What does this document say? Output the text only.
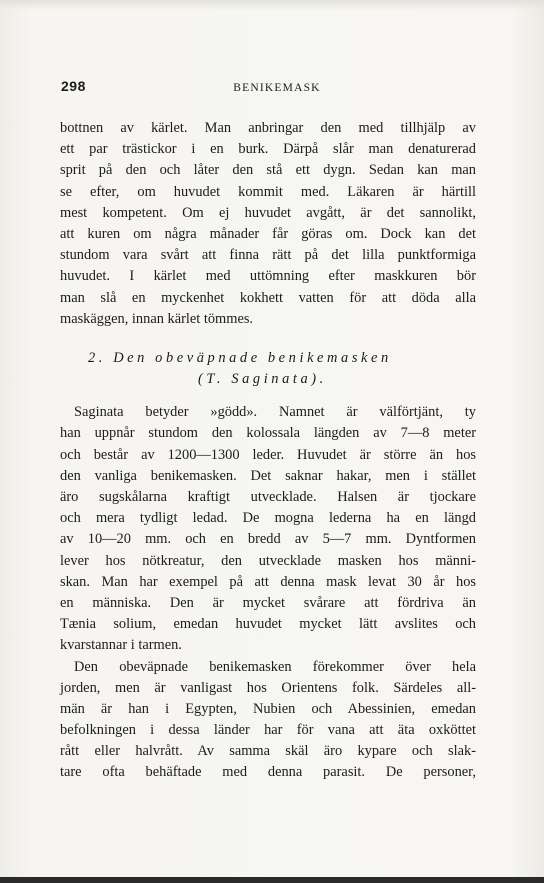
298	BENIKEMASK
bottnen av kärlet. Man anbringar den med tillhjälp av
ett par trästickor i en burk. Därpå slår man denaturerad
sprit på den och låter den stå ett dygn. Sedan kan man
se efter, om huvudet kommit med. Läkaren är härtill
mest kompetent. Om ej huvudet avgått, är det sannolikt,
att kuren om några månader får göras om. Dock kan det
stundom vara svårt att finna rätt på det lilla punktformiga
huvudet. I kärlet med uttömning efter maskkuren bör
man slå en myckenhet kokhett vatten för att döda alla
maskäggen, innan kärlet tömmes.
2. Den obeväpnade benikemasken
(T. Saginata).
Saginata betyder »gödd». Namnet är välförtjänt, ty
han uppnår stundom den kolossala längden av 7—8 meter
och består av 1200—1300 leder. Huvudet är större än hos
den vanliga benikemasken. Det saknar hakar, men i stället
äro sugskålarna kraftigt utvecklade. Halsen är tjockare
och mera tydligt ledad. De mogna lederna ha en längd
av 10—20 mm. och en bredd av 5—7 mm. Dyntformen
lever hos nötkreatur, den utvecklade masken hos männi-
skan. Man har exempel på att denna mask levat 30 år hos
en människa. Den är mycket svårare att fördriva än
Tænia solium, emedan huvudet mycket lätt avslites och
kvarstannar i tarmen.
Den obeväpnade benikemasken förekommer över hela
jorden, men är vanligast hos Orientens folk. Särdeles all-
män är han i Egypten, Nubien och Abessinien, emedan
befolkningen i dessa länder har för vana att äta oxköttet
rått eller halvrått. Av samma skäl äro kypare och slak-
tare ofta behäftade med denna parasit. De personer,
